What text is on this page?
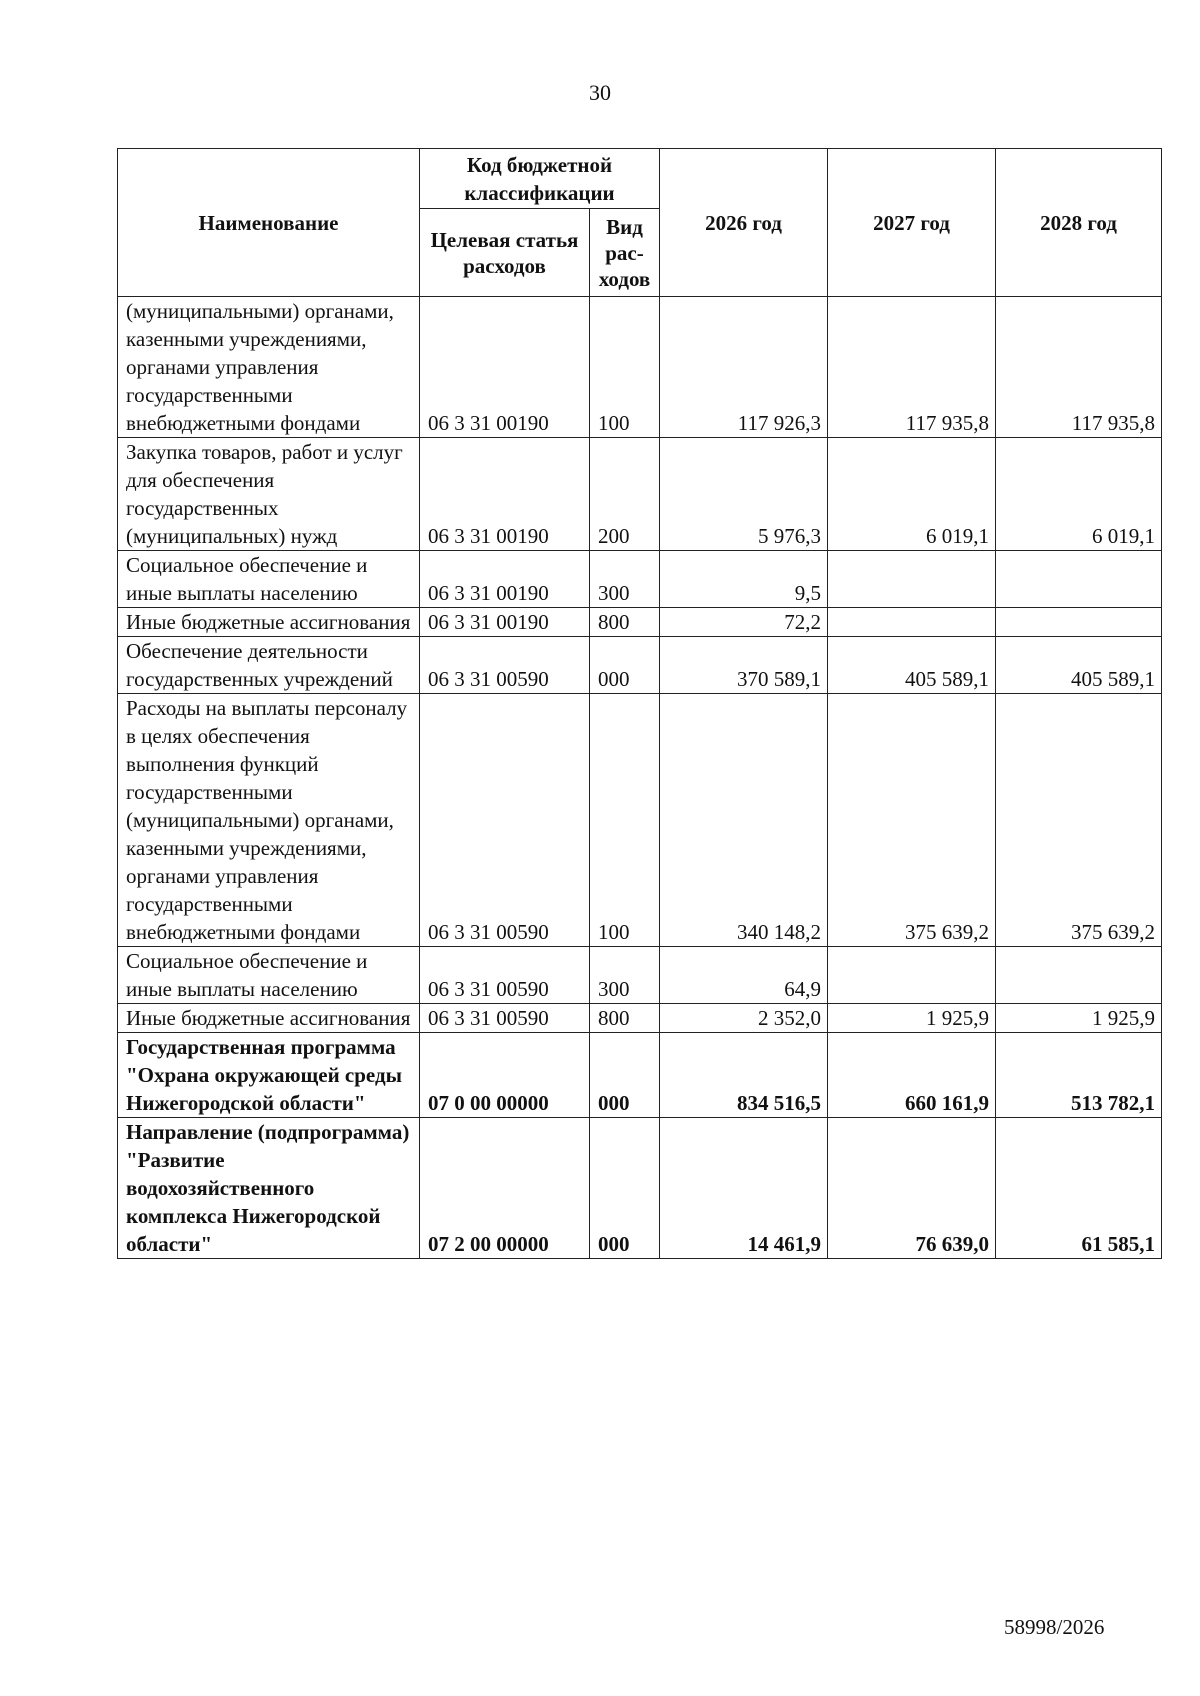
30
Наименование	Код бюджетной классификации		2026 год	2027 год	2028 год
	Целевая статья расходов	Вид рас-ходов			
(муниципальными) органами, казенными учреждениями, органами управления государственными внебюджетными фондами	06 3 31 00190	100	117 926,3	117 935,8	117 935,8
Закупка товаров, работ и услуг для обеспечения государственных (муниципальных) нужд	06 3 31 00190	200	5 976,3	6 019,1	6 019,1
Социальное обеспечение и иные выплаты населению	06 3 31 00190	300	9,5		
Иные бюджетные ассигнования	06 3 31 00190	800	72,2		
Обеспечение деятельности государственных учреждений	06 3 31 00590	000	370 589,1	405 589,1	405 589,1
Расходы на выплаты персоналу в целях обеспечения выполнения функций государственными (муниципальными) органами, казенными учреждениями, органами управления государственными внебюджетными фондами	06 3 31 00590	100	340 148,2	375 639,2	375 639,2
Социальное обеспечение и иные выплаты населению	06 3 31 00590	300	64,9		
Иные бюджетные ассигнования	06 3 31 00590	800	2 352,0	1 925,9	1 925,9
Государственная программа "Охрана окружающей среды Нижегородской области"	07 0 00 00000	000	834 516,5	660 161,9	513 782,1
Направление (подпрограмма) "Развитие водохозяйственного комплекса Нижегородской области"	07 2 00 00000	000	14 461,9	76 639,0	61 585,1
58998/2026
